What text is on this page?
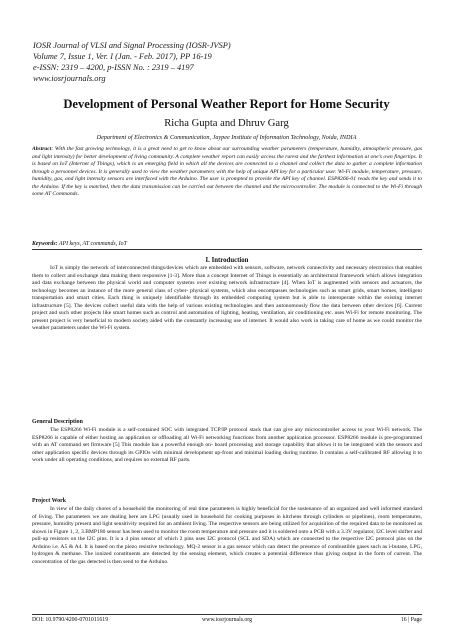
IOSR Journal of VLSI and Signal Processing (IOSR-JVSP)
Volume 7, Issue 1, Ver. I (Jan. - Feb. 2017), PP 16-19
e-ISSN: 2319 – 4200, p-ISSN No. : 2319 – 4197
www.iosrjournals.org
Development of Personal Weather Report for Home Security
Richa Gupta and Dhruv Garg
Department of Electronics & Communication, Jaypee Institute of Information Technology, Noida, INDIA
Abstract: With the fast growing technology, it is a great need to get to know about our surrounding weather parameters (temperature, humidity, atmospheric pressure, gas and light intensity) for better development of living community. A complete weather report can easily access the rarest and the farthest information at one’s own fingertips. It is based on IoT (Internet of Things), which is an emerging field in which all the devices are connected to a channel and collect the data to gather a complete information through a personnel devices. It is generally used to view the weather parameters with the help of unique API key for a particular user. Wi-Fi module, temperature, pressure, humidity, gas, and light intensity sensors are interfaced with the Arduino. The user is prompted to provide the API key of channel. ESP8266-01 reads the key and sends it to the Arduino. If the key is matched, then the data transmission can be carried out between the channel and the microcontroller. The module is connected to the Wi-Fi through some AT Commands.
Keywords: API keys, AT commands, IoT
I. Introduction
IoT is simply the network of interconnected things/devices which are embedded with sensors, software, network connectivity and necessary electronics that enables them to collect and exchange data making them responsive [1-3]. More than a concept Internet of Things is essentially an architectural framework which allows integration and data exchange between the physical world and computer systems over existing network infrastructure [4]. When IoT is augmented with sensors and actuators, the technology becomes an instance of the more general class of cyber- physical systems, which also encompasses technologies such as smart grids, smart homes, intelligent transportation and smart cities. Each thing is uniquely identifiable through its embedded computing system but is able to interoperate within the existing internet infrastructure [5]. The devices collect useful data with the help of various existing technologies and then autonomously flow the data between other devices [6]. Current project and such other projects like smart homes such as control and automation of lighting, heating, ventilation, air conditioning etc. uses Wi-Fi for remote monitoring. The present project is very beneficial to modern society aided with the constantly increasing use of internet. It would also work in taking care of home as we could monitor the weather parameters under the Wi-Fi system.
General Description
The ESP8266 Wi-Fi module is a self-contained SOC with integrated TCP/IP protocol stack that can give any microcontroller access to your Wi-Fi network. The ESP8266 is capable of either hosting an application or offloading all Wi-Fi networking functions from another application processor. ESP8266 module is pre-programmed with an AT command set firmware [5] This module has a powerful enough on- board processing and storage capability that allows it to be integrated with the sensors and other application specific devices through its GPIOs with minimal development up-front and minimal loading during runtime. It contains a self-calibrated RF allowing it to work under all operating conditions, and requires no external RF parts.
Project Work
In view of the daily chores of a household the monitoring of real time parameters is highly beneficial for the sustenance of an organized and well informed standard of living. The parameters we are dealing here are LPG (usually used in household for cooking purposes in kitchens through cylinders or pipelines), room temperatures, pressure, humidity present and light sensitivity required for an ambient living. The respective sensors are being utilized for acquisition of the required data to be monitored as shown in Figure 1, 2, 3.BMP180 sensor has been used to monitor the room temperature and pressure and it is soldered onto a PCB with a 3.3V regulator, I2C level shifter and pull-up resistors on the I2C pins. It is a 4 pins sensor of which 2 pins uses I2C protocol (SCL and SDA) which are connected to the respective I2C protocol pins on the Arduino i.e. A5 & A4. It is based on the piezo resistive technology. MQ-2 sensor is a gas sensor which can detect the presence of combustible gases such as i-butane, LPG, hydrogen & methane. The ionized constituents are detected by the sensing element, which creates a potential difference thus giving output in the form of current. The concentration of the gas detected is then send to the Arduino.
www.iosrjournals.org
DOI: 10.9790/4200-0701011619	16 | Page
